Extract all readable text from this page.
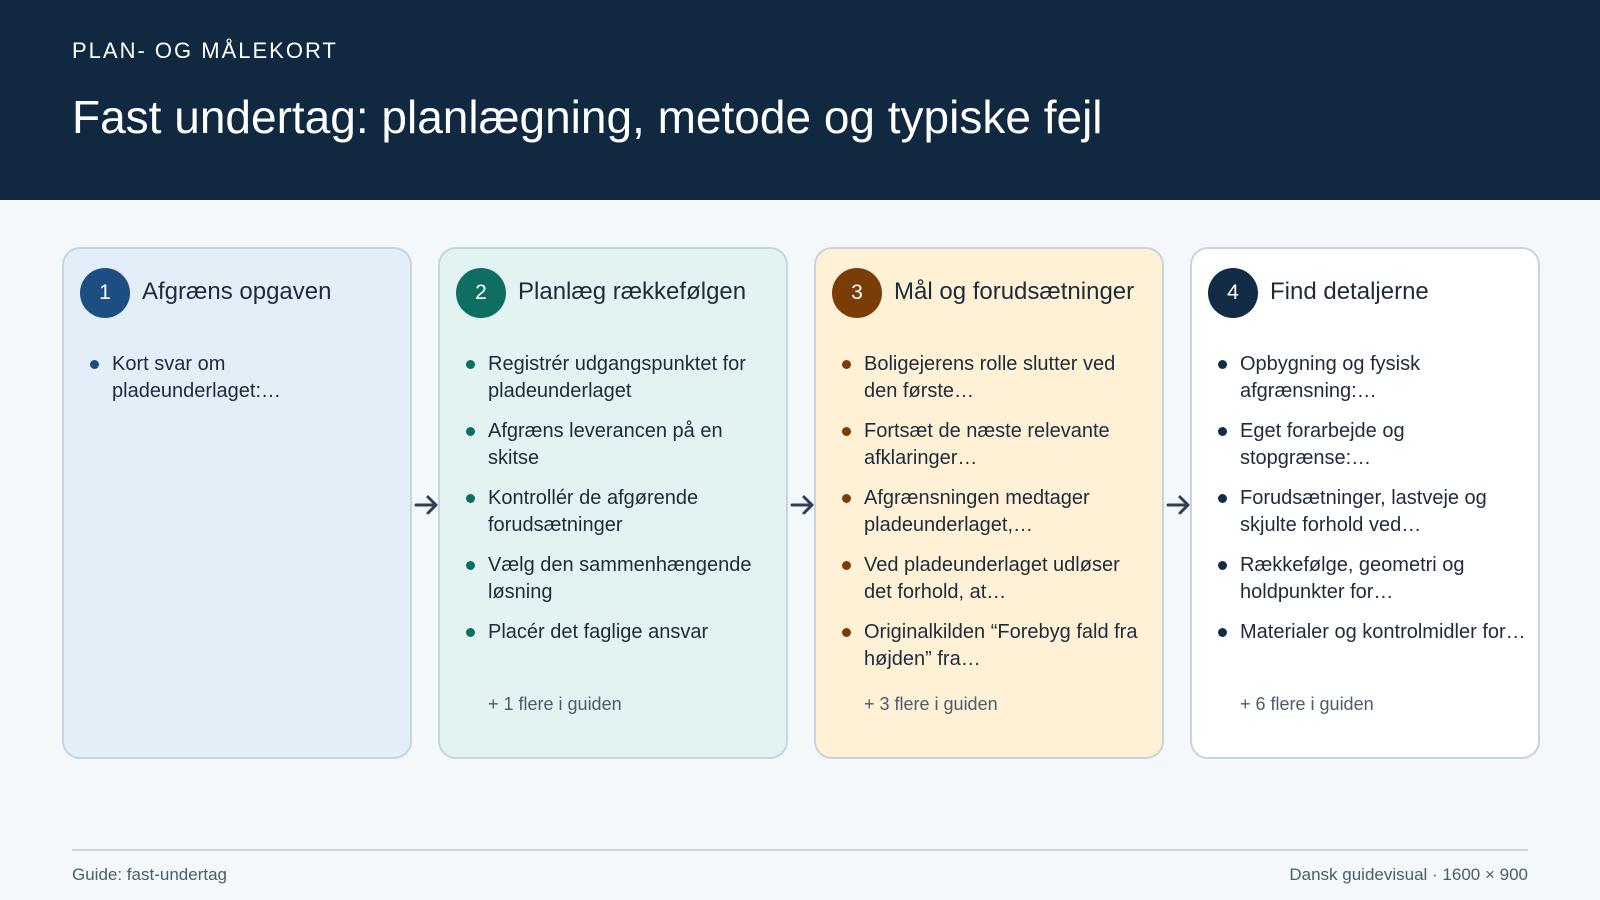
PLAN- OG MÅLEKORT
Fast undertag: planlægning, metode og typiske fejl
1	Afgræns opgaven
Kort svar om pladeunderlaget:…
2	Planlæg rækkefølgen
Registrér udgangspunktet for pladeunderlaget
Afgræns leverancen på en skitse
Kontrollér de afgørende forudsætninger
Vælg den sammenhængende løsning
Placér det faglige ansvar
+ 1 flere i guiden
3	Mål og forudsætninger
Boligejerens rolle slutter ved den første…
Fortsæt de næste relevante afklaringer…
Afgrænsningen medtager pladeunderlaget,…
Ved pladeunderlaget udløser det forhold, at…
Originalkilden “Forebyg fald fra højden” fra…
+ 3 flere i guiden
4	Find detaljerne
Opbygning og fysisk afgrænsning:…
Eget forarbejde og stopgrænse:…
Forudsætninger, lastveje og skjulte forhold ved…
Rækkefølge, geometri og holdpunkter for…
Materialer og kontrolmidler for…
+ 6 flere i guiden
Guide: fast-undertag	Dansk guidevisual · 1600 × 900
